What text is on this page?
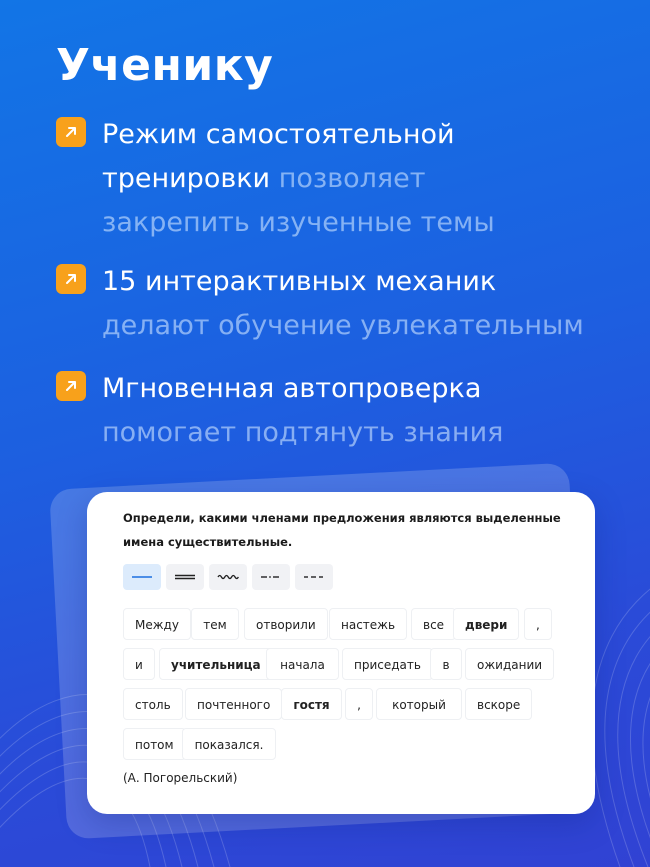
Ученику
Режим самостоятельной
тренировки позволяет
закрепить изученные темы
15 интерактивных механик
делают обучение увлекательным
Мгновенная автопроверка
помогает подтянуть знания
Определи, какими членами предложения являются выделенные имена существительные.
Между	тем	отворили	настежь	все	двери	,
и	учительница	начала	приседать	в	ожидании
столь	почтенного	гостя	,	который	вскоре
потом	показался.
(А. Погорельский)
